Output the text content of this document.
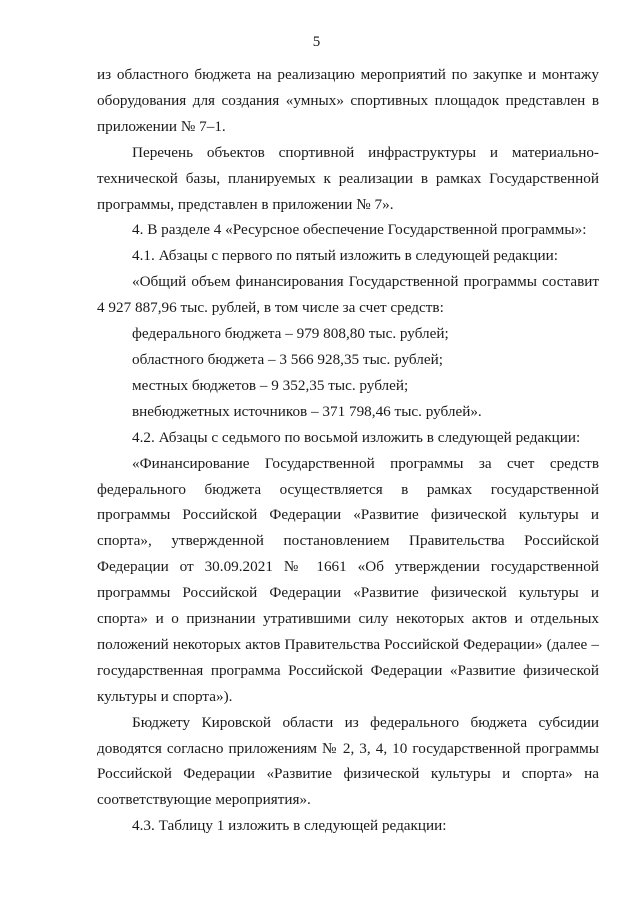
5

из областного бюджета на реализацию мероприятий по закупке и монтажу оборудования для создания «умных» спортивных площадок представлен в приложении № 7–1.

Перечень объектов спортивной инфраструктуры и материально-технической базы, планируемых к реализации в рамках Государственной программы, представлен в приложении № 7».

4. В разделе 4 «Ресурсное обеспечение Государственной программы»:

4.1. Абзацы с первого по пятый изложить в следующей редакции:

«Общий объем финансирования Государственной программы составит 4 927 887,96 тыс. рублей, в том числе за счет средств:

федерального бюджета – 979 808,80 тыс. рублей;
областного бюджета – 3 566 928,35 тыс. рублей;
местных бюджетов – 9 352,35 тыс. рублей;
внебюджетных источников – 371 798,46 тыс. рублей».

4.2. Абзацы с седьмого по восьмой изложить в следующей редакции:

«Финансирование Государственной программы за счет средств федерального бюджета осуществляется в рамках государственной программы Российской Федерации «Развитие физической культуры и спорта», утвержденной постановлением Правительства Российской Федерации от 30.09.2021 № 1661 «Об утверждении государственной программы Российской Федерации «Развитие физической культуры и спорта» и о признании утратившими силу некоторых актов и отдельных положений некоторых актов Правительства Российской Федерации» (далее – государственная программа Российской Федерации «Развитие физической культуры и спорта»).

Бюджету Кировской области из федерального бюджета субсидии доводятся согласно приложениям № 2, 3, 4, 10 государственной программы Российской Федерации «Развитие физической культуры и спорта» на соответствующие мероприятия».

4.3. Таблицу 1 изложить в следующей редакции:
